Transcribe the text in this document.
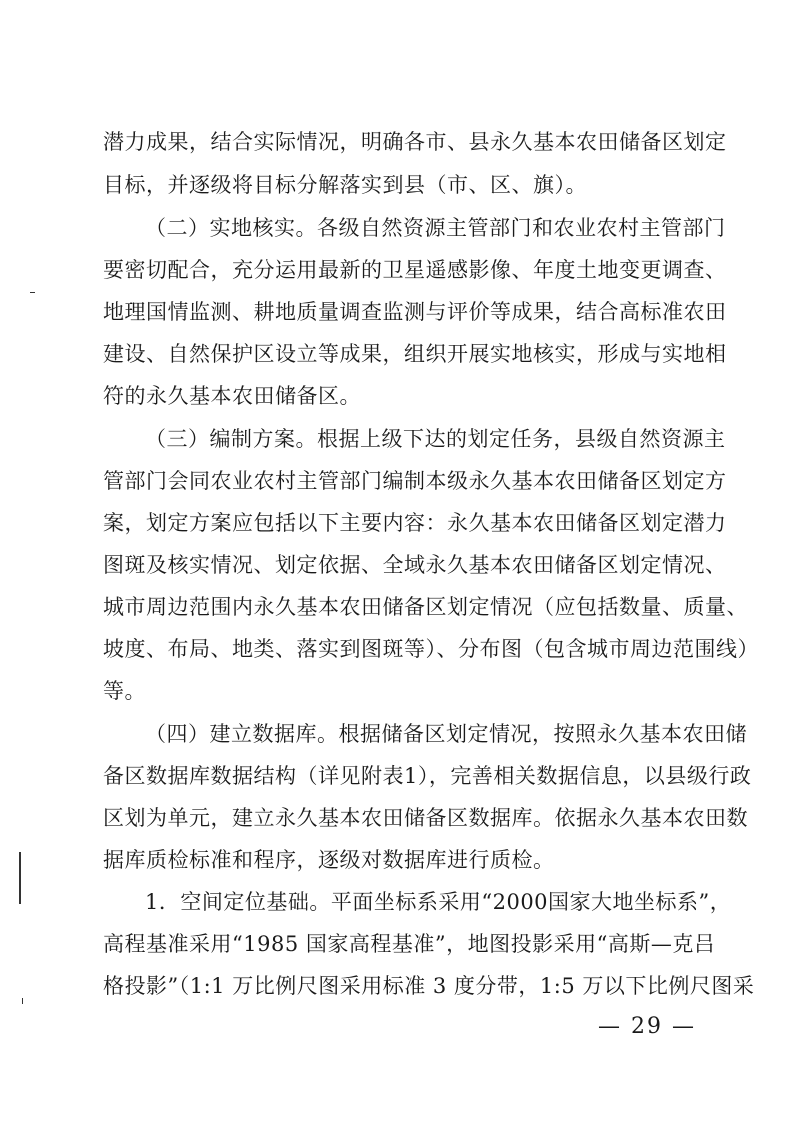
潜力成果，结合实际情况，明确各市、县永久基本农田储备区划定
目标，并逐级将目标分解落实到县（市、区、旗）。
（二）实地核实。各级自然资源主管部门和农业农村主管部门
要密切配合，充分运用最新的卫星遥感影像、年度土地变更调查、
地理国情监测、耕地质量调查监测与评价等成果，结合高标准农田
建设、自然保护区设立等成果，组织开展实地核实，形成与实地相
符的永久基本农田储备区。
（三）编制方案。根据上级下达的划定任务，县级自然资源主
管部门会同农业农村主管部门编制本级永久基本农田储备区划定方
案，划定方案应包括以下主要内容：永久基本农田储备区划定潜力
图斑及核实情况、划定依据、全域永久基本农田储备区划定情况、
城市周边范围内永久基本农田储备区划定情况（应包括数量、质量、
坡度、布局、地类、落实到图斑等）、分布图（包含城市周边范围线）
等。
（四）建立数据库。根据储备区划定情况，按照永久基本农田储
备区数据库数据结构（详见附表1），完善相关数据信息，以县级行政
区划为单元，建立永久基本农田储备区数据库。依据永久基本农田数
据库质检标准和程序，逐级对数据库进行质检。
1．空间定位基础。平面坐标系采用“2000国家大地坐标系”，
高程基准采用“1985 国家高程基准”，地图投影采用“高斯—克吕
格投影”（1:1 万比例尺图采用标准 3 度分带，1:5 万以下比例尺图采
— 29 —
